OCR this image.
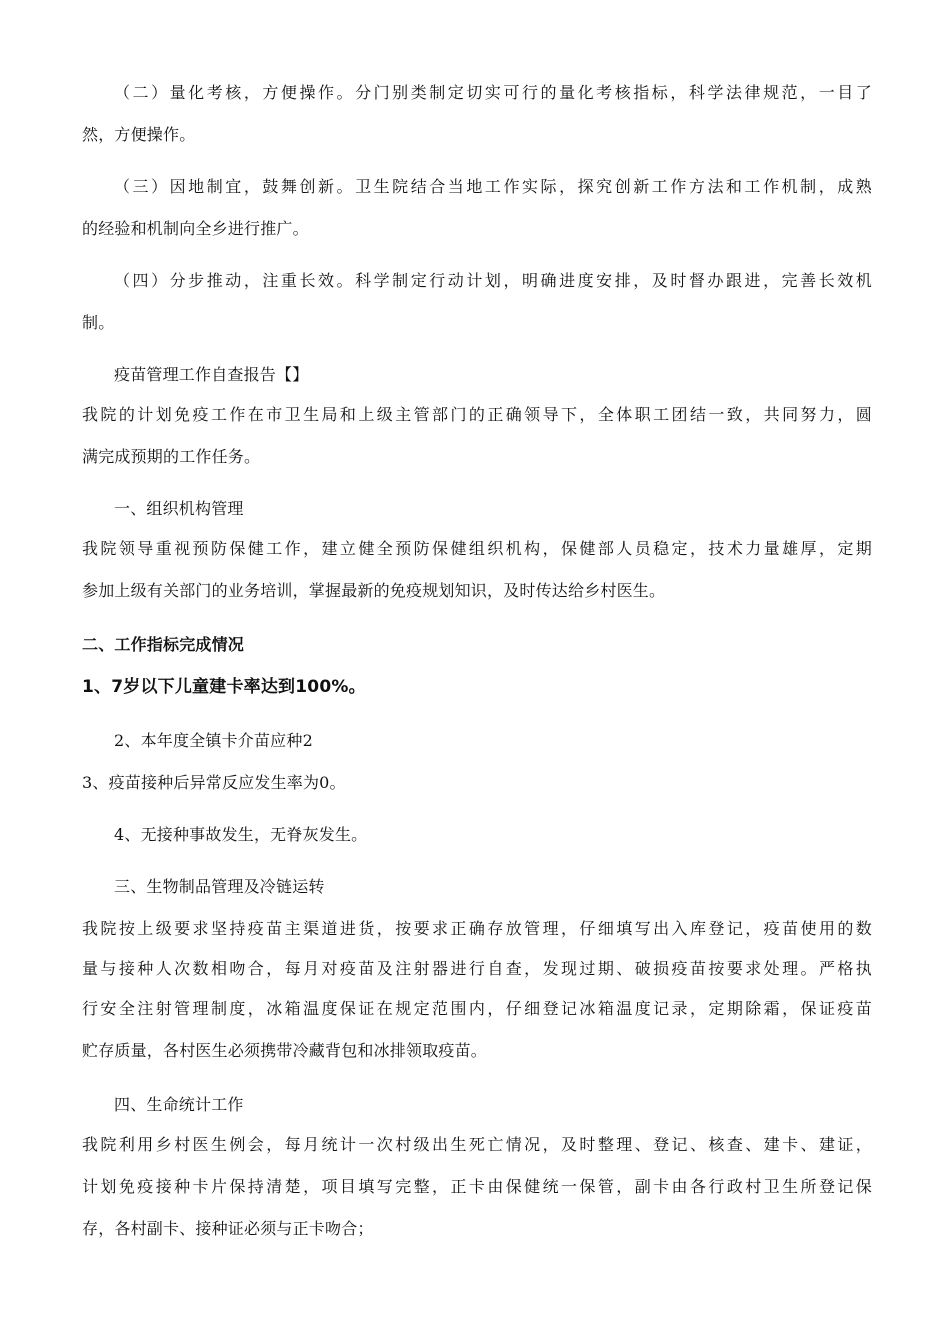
（二）量化考核，方便操作。分门别类制定切实可行的量化考核指标，科学法律规范，一目了
然，方便操作。
（三）因地制宜，鼓舞创新。卫生院结合当地工作实际，探究创新工作方法和工作机制，成熟
的经验和机制向全乡进行推广。
（四）分步推动，注重长效。科学制定行动计划，明确进度安排，及时督办跟进，完善长效机
制。
疫苗管理工作自查报告【】
我院的计划免疫工作在市卫生局和上级主管部门的正确领导下，全体职工团结一致，共同努力，圆
满完成预期的工作任务。
一、组织机构管理
我院领导重视预防保健工作，建立健全预防保健组织机构，保健部人员稳定，技术力量雄厚，定期
参加上级有关部门的业务培训，掌握最新的免疫规划知识，及时传达给乡村医生。
二、工作指标完成情况
1、7岁以下儿童建卡率达到100%。
2、本年度全镇卡介苗应种2
3、疫苗接种后异常反应发生率为0。
4、无接种事故发生，无脊灰发生。
三、生物制品管理及冷链运转
我院按上级要求坚持疫苗主渠道进货，按要求正确存放管理，仔细填写出入库登记，疫苗使用的数
量与接种人次数相吻合，每月对疫苗及注射器进行自查，发现过期、破损疫苗按要求处理。严格执
行安全注射管理制度，冰箱温度保证在规定范围内，仔细登记冰箱温度记录，定期除霜，保证疫苗
贮存质量，各村医生必须携带冷藏背包和冰排领取疫苗。
四、生命统计工作
我院利用乡村医生例会，每月统计一次村级出生死亡情况，及时整理、登记、核查、建卡、建证，
计划免疫接种卡片保持清楚，项目填写完整，正卡由保健统一保管，副卡由各行政村卫生所登记保
存，各村副卡、接种证必须与正卡吻合；
